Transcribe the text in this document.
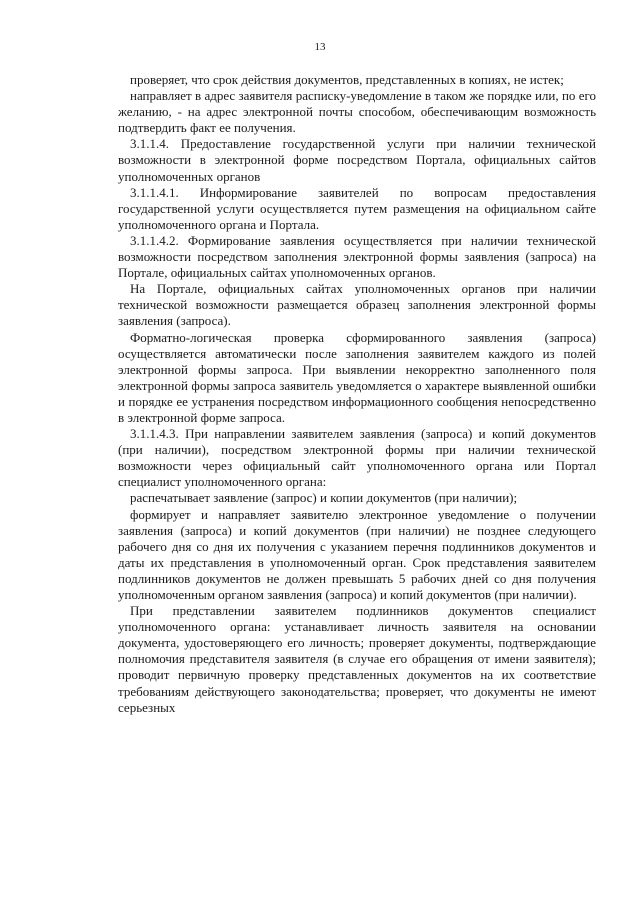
13

проверяет, что срок действия документов, представленных в копиях, не истек;

направляет в адрес заявителя расписку-уведомление в таком же порядке или, по его желанию, - на адрес электронной почты способом, обеспечивающим возможность подтвердить факт ее получения.

3.1.1.4. Предоставление государственной услуги при наличии технической возможности в электронной форме посредством Портала, официальных сайтов уполномоченных органов

3.1.1.4.1. Информирование заявителей по вопросам предоставления государственной услуги осуществляется путем размещения на официальном сайте уполномоченного органа и Портала.

3.1.1.4.2. Формирование заявления осуществляется при наличии технической возможности посредством заполнения электронной формы заявления (запроса) на Портале, официальных сайтах уполномоченных органов.

На Портале, официальных сайтах уполномоченных органов при наличии технической возможности размещается образец заполнения электронной формы заявления (запроса).

Форматно-логическая проверка сформированного заявления (запроса) осуществляется автоматически после заполнения заявителем каждого из полей электронной формы запроса. При выявлении некорректно заполненного поля электронной формы запроса заявитель уведомляется о характере выявленной ошибки и порядке ее устранения посредством информационного сообщения непосредственно в электронной форме запроса.

3.1.1.4.3. При направлении заявителем заявления (запроса) и копий документов (при наличии), посредством электронной формы при наличии технической возможности через официальный сайт уполномоченного органа или Портал специалист уполномоченного органа:

распечатывает заявление (запрос) и копии документов (при наличии);

формирует и направляет заявителю электронное уведомление о получении заявления (запроса) и копий документов (при наличии) не позднее следующего рабочего дня со дня их получения с указанием перечня подлинников документов и даты их представления в уполномоченный орган. Срок представления заявителем подлинников документов не должен превышать 5 рабочих дней со дня получения уполномоченным органом заявления (запроса) и копий документов (при наличии).

При представлении заявителем подлинников документов специалист уполномоченного органа: устанавливает личность заявителя на основании документа, удостоверяющего его личность; проверяет документы, подтверждающие полномочия представителя заявителя (в случае его обращения от имени заявителя); проводит первичную проверку представленных документов на их соответствие требованиям действующего законодательства; проверяет, что документы не имеют серьезных
